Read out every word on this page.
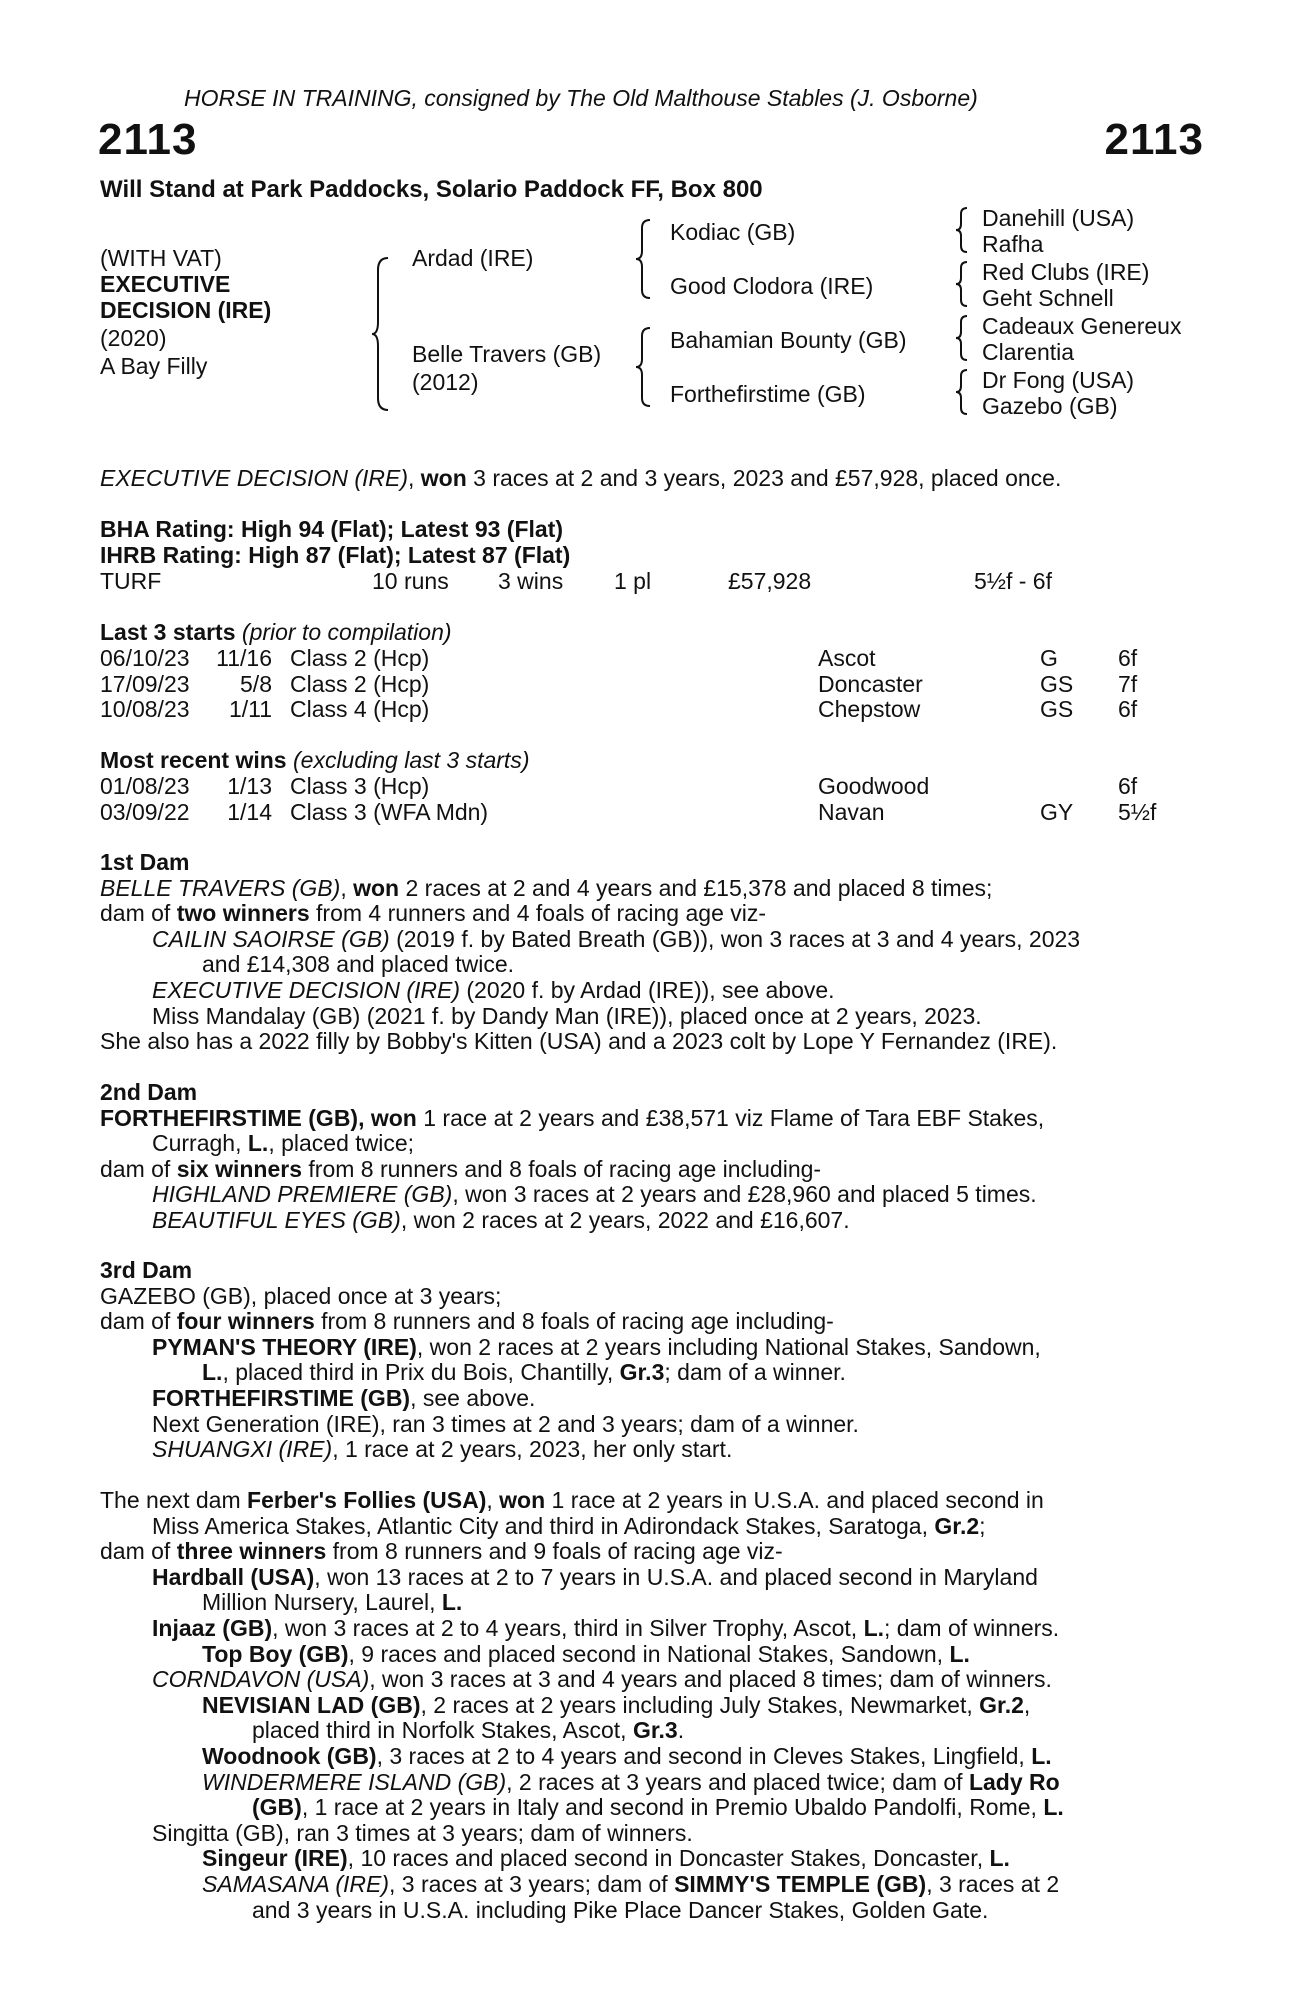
HORSE IN TRAINING, consigned by The Old Malthouse Stables (J. Osborne)
2113	2113
Will Stand at Park Paddocks, Solario Paddock FF, Box 800
(WITH VAT)
EXECUTIVE
DECISION (IRE)
(2020)
A Bay Filly
Ardad (IRE)
Belle Travers (GB)
(2012)
Kodiac (GB)
Good Clodora (IRE)
Bahamian Bounty (GB)
Forthefirstime (GB)
Danehill (USA)
Rafha
Red Clubs (IRE)
Geht Schnell
Cadeaux Genereux
Clarentia
Dr Fong (USA)
Gazebo (GB)
EXECUTIVE DECISION (IRE), won 3 races at 2 and 3 years, 2023 and £57,928, placed once.
BHA Rating: High 94 (Flat); Latest 93 (Flat)
IHRB Rating: High 87 (Flat); Latest 87 (Flat)
TURF	10 runs 3 wins 1 pl	£57,928	5½f - 6f
Last 3 starts (prior to compilation)
06/10/23 11/16 Class 2 (Hcp)	Ascot	G	6f
17/09/23 5/8 Class 2 (Hcp)	Doncaster	GS 7f
10/08/23 1/11 Class 4 (Hcp)	Chepstow	GS 6f
Most recent wins (excluding last 3 starts)
01/08/23 1/13 Class 3 (Hcp)	Goodwood	6f
03/09/22 1/14 Class 3 (WFA Mdn)	Navan	GY 5½f

1st Dam

BELLE TRAVERS (GB), won 2 races at 2 and 4 years and £15,378 and placed 8 times;

dam of two winners from 4 runners and 4 foals of racing age viz-

CAILIN SAOIRSE (GB) (2019 f. by Bated Breath (GB)), won 3 races at 3 and 4 years, 2023

and £14,308 and placed twice.

EXECUTIVE DECISION (IRE) (2020 f. by Ardad (IRE)), see above.

Miss Mandalay (GB) (2021 f. by Dandy Man (IRE)), placed once at 2 years, 2023.

She also has a 2022 filly by Bobby's Kitten (USA) and a 2023 colt by Lope Y Fernandez (IRE).

2nd Dam

FORTHEFIRSTIME (GB), won 1 race at 2 years and £38,571 viz Flame of Tara EBF Stakes,

Curragh, L., placed twice;

dam of six winners from 8 runners and 8 foals of racing age including-

HIGHLAND PREMIERE (GB), won 3 races at 2 years and £28,960 and placed 5 times.

BEAUTIFUL EYES (GB), won 2 races at 2 years, 2022 and £16,607.

3rd Dam

GAZEBO (GB), placed once at 3 years;

dam of four winners from 8 runners and 8 foals of racing age including-

PYMAN'S THEORY (IRE), won 2 races at 2 years including National Stakes, Sandown,

L., placed third in Prix du Bois, Chantilly, Gr.3; dam of a winner.

FORTHEFIRSTIME (GB), see above.

Next Generation (IRE), ran 3 times at 2 and 3 years; dam of a winner.

SHUANGXI (IRE), 1 race at 2 years, 2023, her only start.

The next dam Ferber's Follies (USA), won 1 race at 2 years in U.S.A. and placed second in

Miss America Stakes, Atlantic City and third in Adirondack Stakes, Saratoga, Gr.2;

dam of three winners from 8 runners and 9 foals of racing age viz-

Hardball (USA), won 13 races at 2 to 7 years in U.S.A. and placed second in Maryland

Million Nursery, Laurel, L.

Injaaz (GB), won 3 races at 2 to 4 years, third in Silver Trophy, Ascot, L.; dam of winners.

Top Boy (GB), 9 races and placed second in National Stakes, Sandown, L.

CORNDAVON (USA), won 3 races at 3 and 4 years and placed 8 times; dam of winners.

NEVISIAN LAD (GB), 2 races at 2 years including July Stakes, Newmarket, Gr.2,

placed third in Norfolk Stakes, Ascot, Gr.3.

Woodnook (GB), 3 races at 2 to 4 years and second in Cleves Stakes, Lingfield, L.

WINDERMERE ISLAND (GB), 2 races at 3 years and placed twice; dam of Lady Ro

(GB), 1 race at 2 years in Italy and second in Premio Ubaldo Pandolfi, Rome, L.

Singitta (GB), ran 3 times at 3 years; dam of winners.

Singeur (IRE), 10 races and placed second in Doncaster Stakes, Doncaster, L.

SAMASANA (IRE), 3 races at 3 years; dam of SIMMY'S TEMPLE (GB), 3 races at 2

and 3 years in U.S.A. including Pike Place Dancer Stakes, Golden Gate.
